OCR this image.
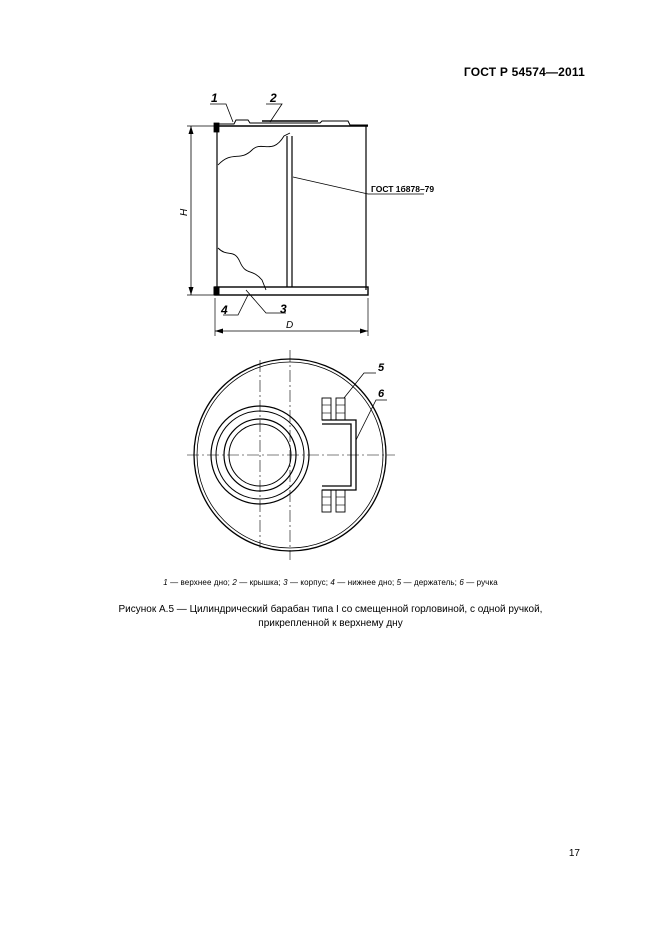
ГОСТ Р 54574—2011
1	2
3
4
H
D
ГОСТ 1б878–79
5
6
1 — верхнее дно; 2 — крышка; 3 — корпус; 4 — нижнее дно; 5 — держатель; 6 — ручка
Рисунок А.5 — Цилиндрический барабан типа I со смещенной горловиной, с одной ручкой,
прикрепленной к верхнему дну
17
